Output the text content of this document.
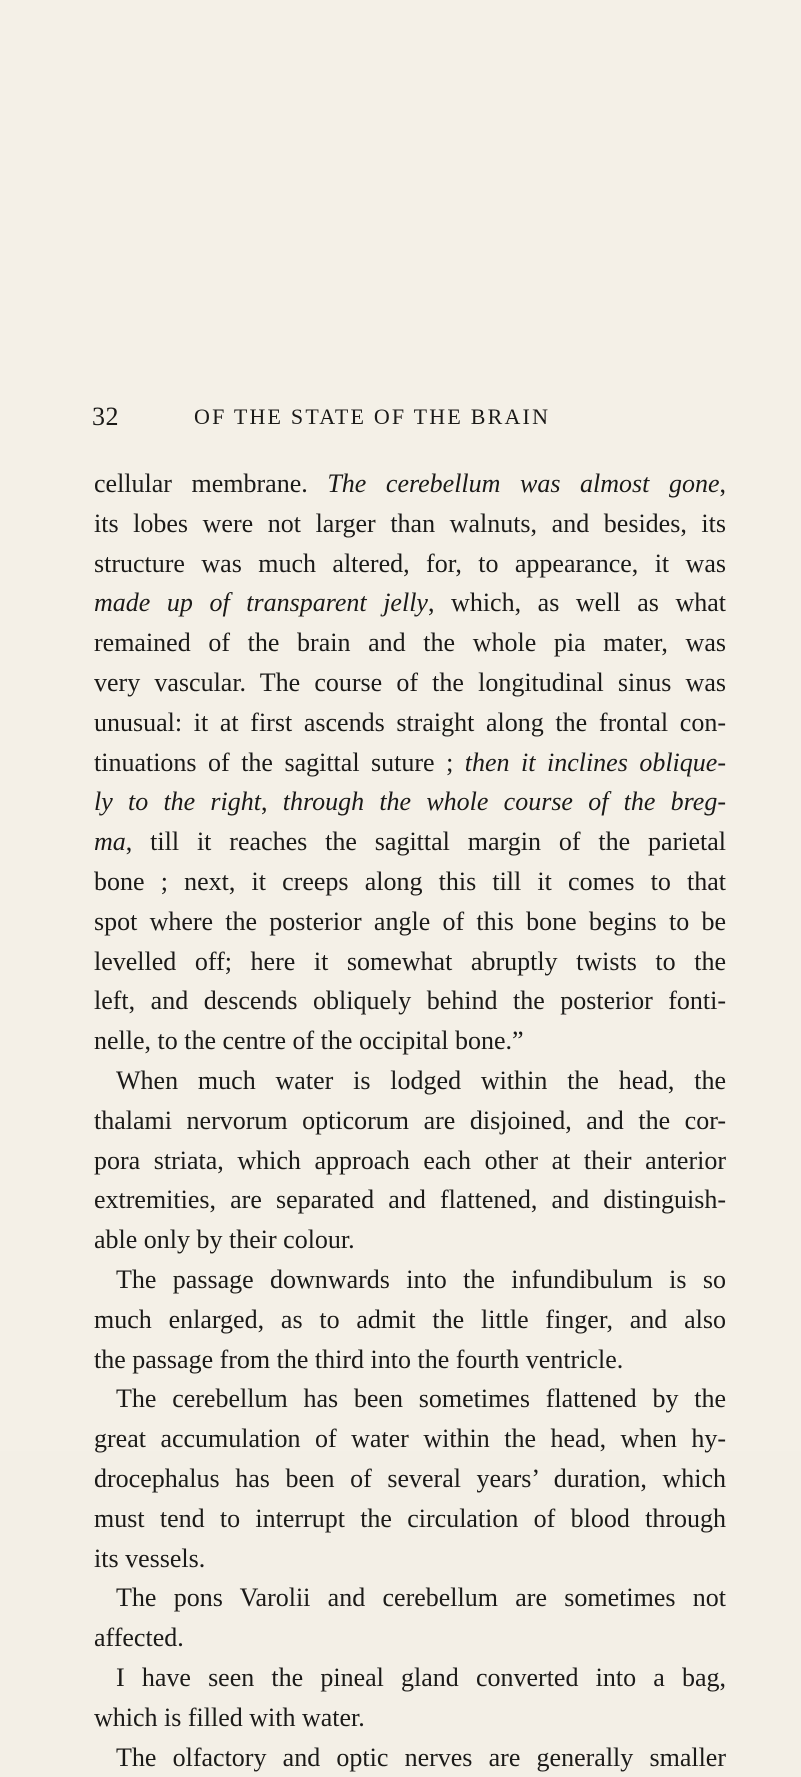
32	OF THE STATE OF THE BRAIN
cellular membrane. The cerebellum was almost gone,
its lobes were not larger than walnuts, and besides, its
structure was much altered, for, to appearance, it was
made up of transparent jelly, which, as well as what
remained of the brain and the whole pia mater, was
very vascular. The course of the longitudinal sinus was
unusual: it at first ascends straight along the frontal con-
tinuations of the sagittal suture ; then it inclines oblique-
ly to the right, through the whole course of the breg-
ma, till it reaches the sagittal margin of the parietal
bone ; next, it creeps along this till it comes to that
spot where the posterior angle of this bone begins to be
levelled off; here it somewhat abruptly twists to the
left, and descends obliquely behind the posterior fonti-
nelle, to the centre of the occipital bone.”
When much water is lodged within the head, the
thalami nervorum opticorum are disjoined, and the cor-
pora striata, which approach each other at their anterior
extremities, are separated and flattened, and distinguish-
able only by their colour.
The passage downwards into the infundibulum is so
much enlarged, as to admit the little finger, and also
the passage from the third into the fourth ventricle.
The cerebellum has been sometimes flattened by the
great accumulation of water within the head, when hy-
drocephalus has been of several years’ duration, which
must tend to interrupt the circulation of blood through
its vessels.
The pons Varolii and cerebellum are sometimes not
affected.
I have seen the pineal gland converted into a bag,
which is filled with water.
The olfactory and optic nerves are generally smaller
